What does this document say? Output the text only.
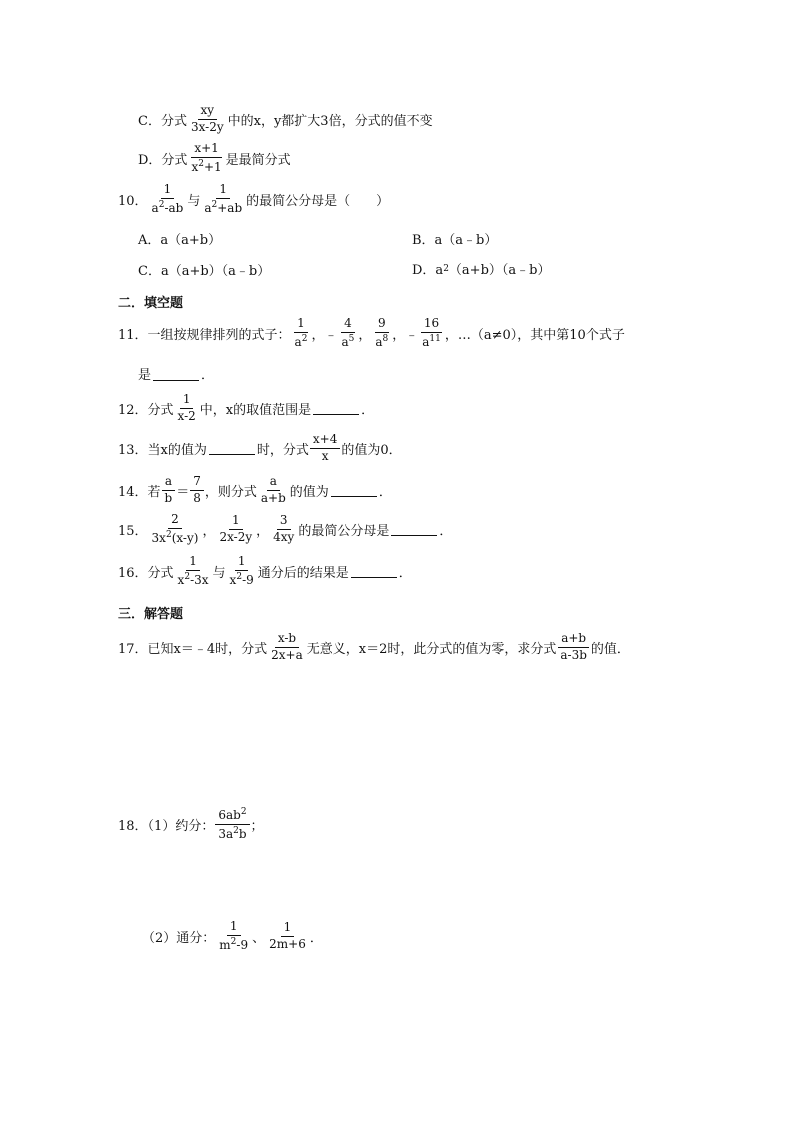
C．分式 $\frac{xy}{3x-2y}$ 中的x，y都扩大3倍，分式的值不变
D．分式 $\frac{x+1}{x^2+1}$ 是最简分式
10． $\frac{1}{a^2-ab}$ 与 $\frac{1}{a^2+ab}$ 的最简公分母是（　　）
A．a（a+b）	B．a（a﹣b）
C．a（a+b）（a﹣b）	D．a 2 （a+b）（a﹣b）
二．填空题
11．一组按规律排列的式子： $\frac{1}{a^2}$ ，﹣ $\frac{4}{a^5}$ ， $\frac{9}{a^8}$ ，﹣ $\frac{16}{a^{11}}$ ，…（a≠0），其中第10个式子
是	．
12．分式 $\frac{1}{x-2}$ 中，x的取值范围是	．
13．当x的值为	时，分式 $\frac{x+4}{x}$ 的值为0．
14．若 $\frac{a}{b} = \frac{7}{8}$ ，则分式 $\frac{a}{a+b}$ 的值为	．
15． $\frac{2}{3x^2(x-y)}$ ， $\frac{1}{2x-2y}$ ， $\frac{3}{4xy}$ 的最简公分母是	．
16．分式 $\frac{1}{x^2-3x}$ 与 $\frac{1}{x^2-9}$ 通分后的结果是	．
三．解答题
17．已知x＝﹣4时，分式 $\frac{x-b}{2x+a}$ 无意义，x＝2时，此分式的值为零，求分式 $\frac{a+b}{a-3b}$ 的值．
18．（1）约分： $\frac{6ab^2}{3a^2b}$ ；
（2）通分： $\frac{1}{m^2-9}$ 、 $\frac{1}{2m+6}$ ．
